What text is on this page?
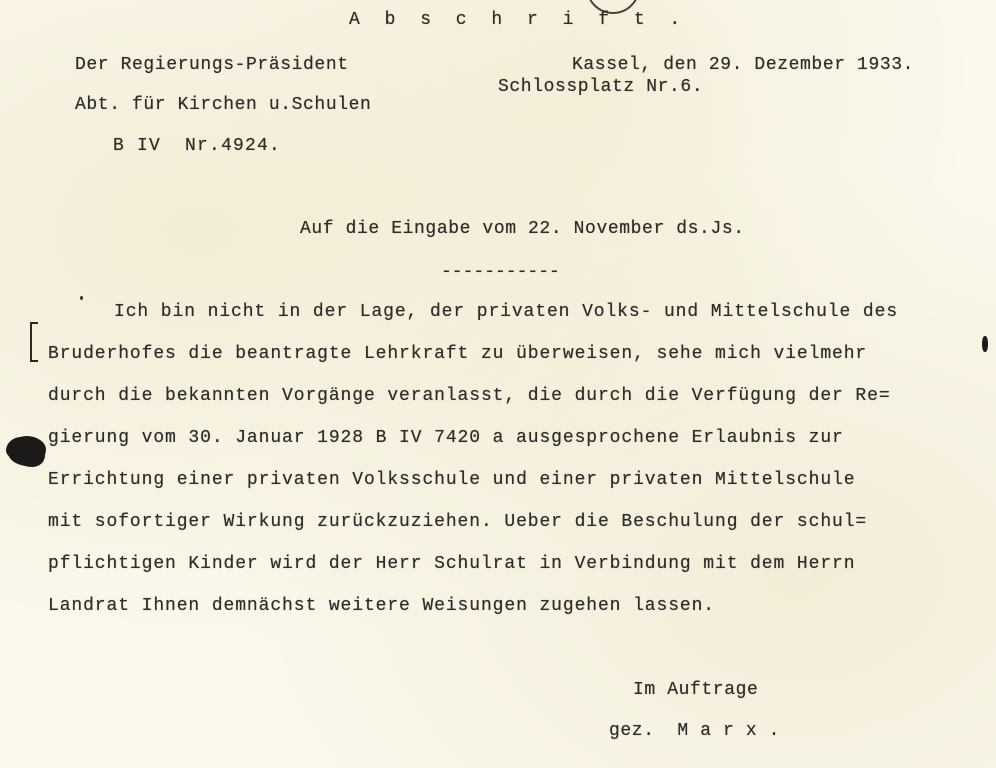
A b s c h r i f t .
Der Regierungs-Präsident
Abt. für Kirchen u.Schulen
B IV  Nr.4924.
Kassel, den 29. Dezember 1933.
Schlossplatz Nr.6.
Auf die Eingabe vom 22. November ds.Js.
-----------
Ich bin nicht in der Lage, der privaten Volks- und Mittelschule des
Bruderhofes die beantragte Lehrkraft zu überweisen, sehe mich vielmehr
durch die bekannten Vorgänge veranlasst, die durch die Verfügung der Re=
gierung vom 30. Januar 1928 B IV 7420 a ausgesprochene Erlaubnis zur
Errichtung einer privaten Volksschule und einer privaten Mittelschule
mit sofortiger Wirkung zurückzuziehen. Ueber die Beschulung der schul=
pflichtigen Kinder wird der Herr Schulrat in Verbindung mit dem Herrn
Landrat Ihnen demnächst weitere Weisungen zugehen lassen.
Im Auftrage
gez.  M a r x .
